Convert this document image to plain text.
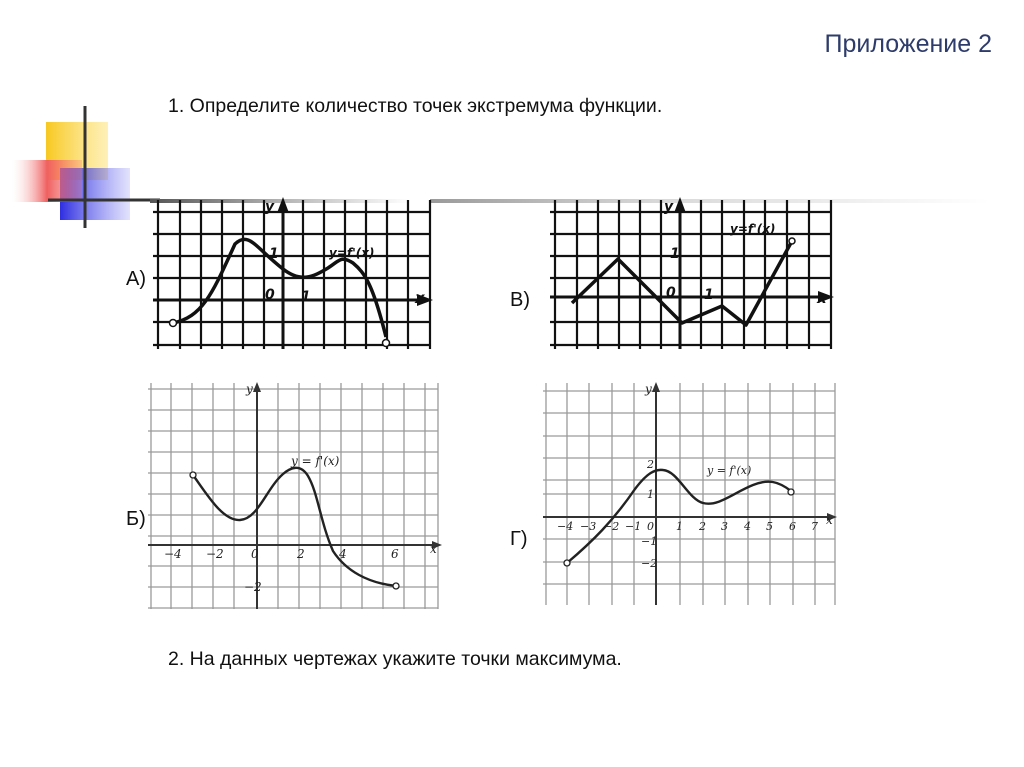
Приложение 2
1. Определите количество точек экстремума функции.
2. На данных чертежах укажите точки максимума.
А)
В)
Б)
Г)
y
x
0 1
1	y=f'(x)
y
x
0 1
1
y=f'(x)
y
x
−4 −2 0	2	4	6
−2
y = f'(x)
y
x
−4 −3 −2 −1 0 1 2 3 4 5 6 7
2
1
−1
−2
y = f'(x)
